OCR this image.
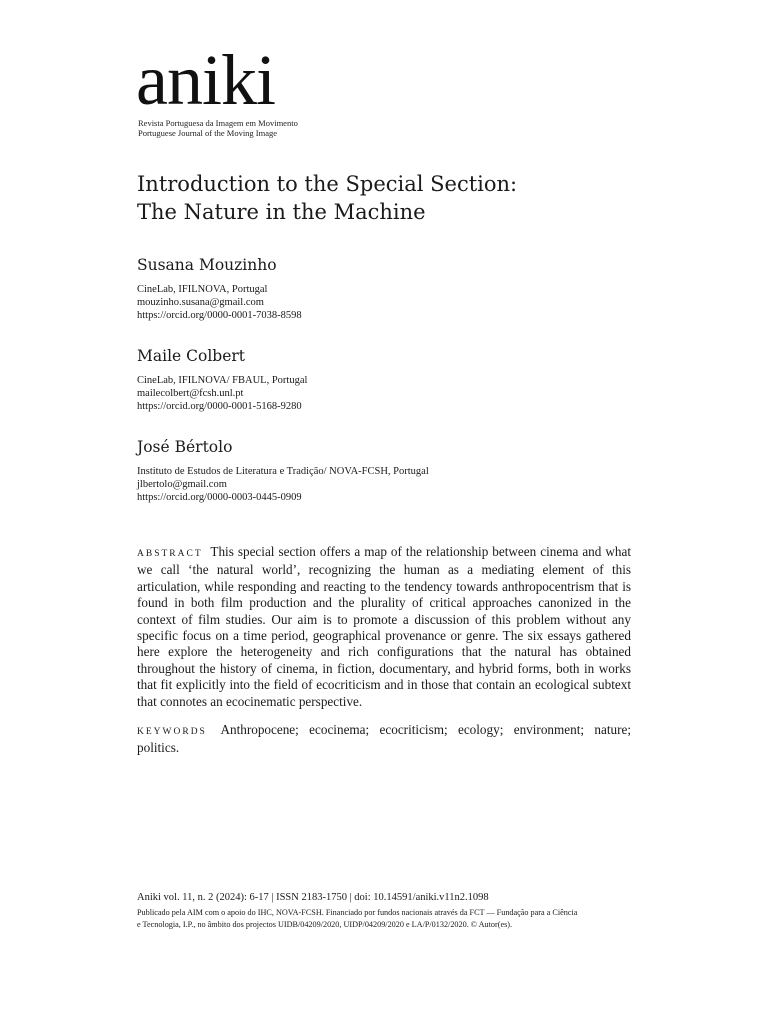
aniki
Revista Portuguesa da Imagem em Movimento
Portuguese Journal of the Moving Image
Introduction to the Special Section:
The Nature in the Machine
Susana Mouzinho
CineLab, IFILNOVA, Portugal
mouzinho.susana@gmail.com
https://orcid.org/0000-0001-7038-8598
Maile Colbert
CineLab, IFILNOVA/ FBAUL, Portugal
mailecolbert@fcsh.unl.pt
https://orcid.org/0000-0001-5168-9280
José Bértolo
Instituto de Estudos de Literatura e Tradição/ NOVA-FCSH, Portugal
jlbertolo@gmail.com
https://orcid.org/0000-0003-0445-0909

ABSTRACT This special section offers a map of the relationship between cinema and what we call ‘the natural world’, recognizing the human as a mediating element of this articulation, while responding and reacting to the tendency towards anthropocentrism that is found in both film production and the plurality of critical approaches canonized in the context of film studies. Our aim is to promote a discussion of this problem without any specific focus on a time period, geographical provenance or genre. The six essays gathered here explore the heterogeneity and rich configurations that the natural has obtained throughout the history of cinema, in fiction, documentary, and hybrid forms, both in works that fit explicitly into the field of ecocriticism and in those that contain an ecological subtext that connotes an ecocinematic perspective.

KEYWORDS Anthropocene; ecocinema; ecocriticism; ecology; environment; nature; politics.

Aniki vol. 11, n. 2 (2024): 6-17 | ISSN 2183-1750 | doi: 10.14591/aniki.v11n2.1098
Publicado pela AIM com o apoio do IHC, NOVA-FCSH. Financiado por fundos nacionais através da FCT — Fundação para a Ciência
e Tecnologia, I.P., no âmbito dos projectos UIDB/04209/2020, UIDP/04209/2020 e LA/P/0132/2020. © Autor(es).
